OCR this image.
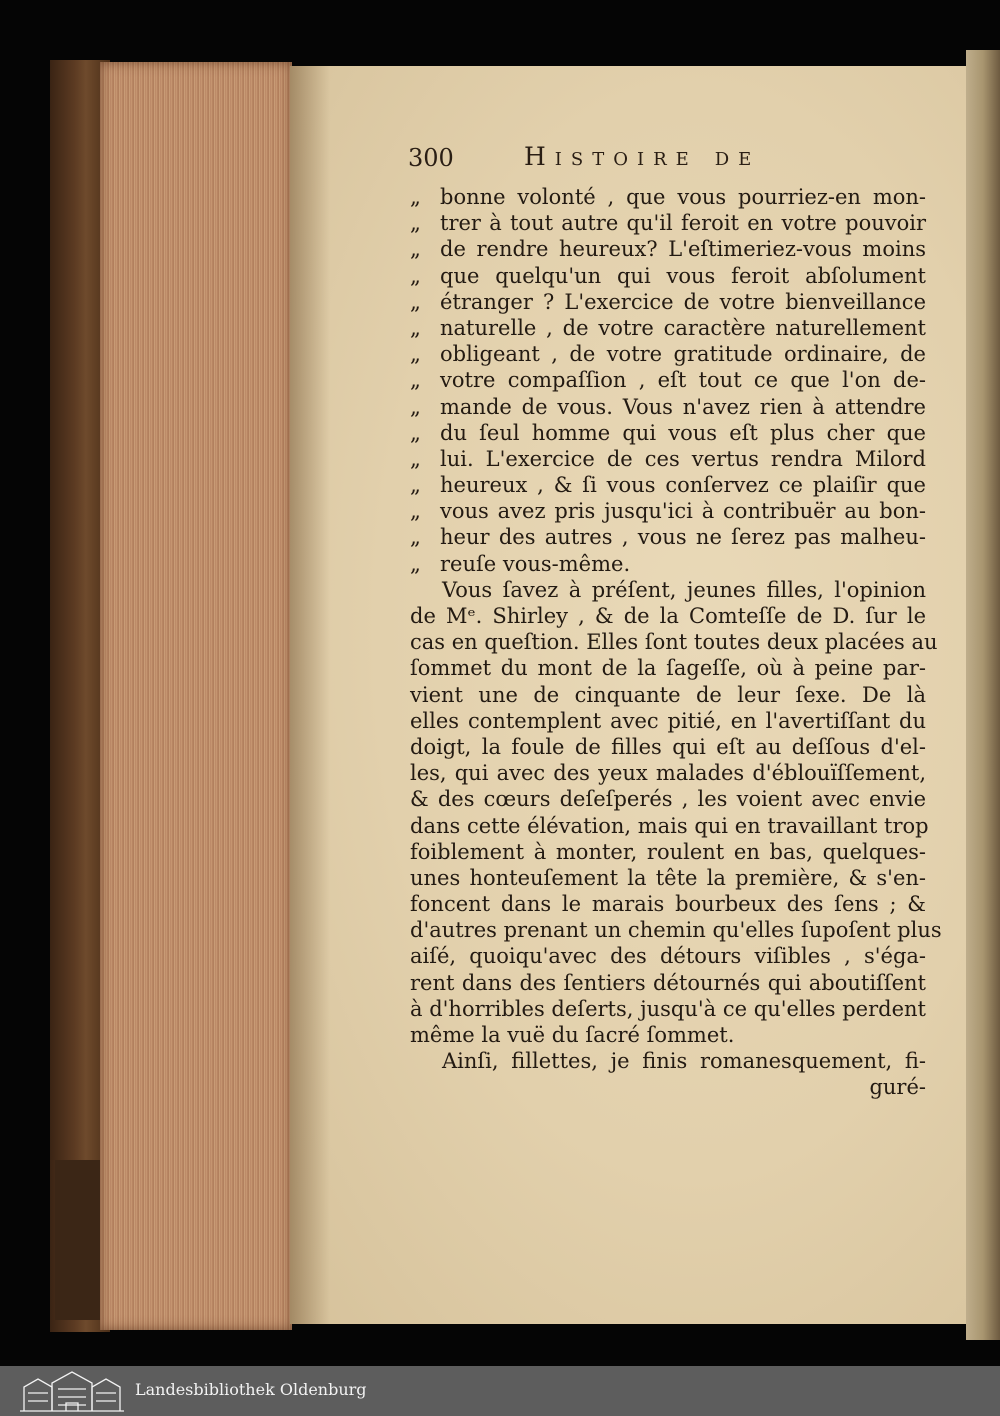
300	Histoire de
„ bonne volonté , que vous pourriez-en mon-
„ trer à tout autre qu'il feroit en votre pouvoir
„ de rendre heureux? L'eſtimeriez-vous moins
„ que quelqu'un qui vous feroit abſolument
„ étranger ? L'exercice de votre bienveillance
„ naturelle , de votre caractère naturellement
„ obligeant , de votre gratitude ordinaire, de
„ votre compaſſion , eſt tout ce que l'on de-
„ mande de vous. Vous n'avez rien à attendre
„ du ſeul homme qui vous eſt plus cher que
„ lui. L'exercice de ces vertus rendra Milord
„ heureux , & ſi vous conſervez ce plaiſir que
„ vous avez pris jusqu'ici à contribuër au bon-
„ heur des autres , vous ne ſerez pas malheu-
„ reuſe vous-même.
Vous ſavez à préſent, jeunes filles, l'opinion
de Mᵉ. Shirley , & de la Comteſſe de D. ſur le
cas en queſtion. Elles ſont toutes deux placées au
ſommet du mont de la ſageſſe, où à peine par-
vient une de cinquante de leur ſexe. De là
elles contemplent avec pitié, en l'avertiſſant du
doigt, la foule de filles qui eſt au deſſous d'el-
les, qui avec des yeux malades d'éblouïſſement,
& des cœurs deſeſperés , les voient avec envie
dans cette élévation, mais qui en travaillant trop
foiblement à monter, roulent en bas, quelques-
unes honteuſement la tête la première, & s'en-
foncent dans le marais bourbeux des ſens ; &
d'autres prenant un chemin qu'elles ſupoſent plus
aiſé, quoiqu'avec des détours viſibles , s'éga-
rent dans des ſentiers détournés qui aboutiſſent
à d'horribles deſerts, jusqu'à ce qu'elles perdent
même la vuë du ſacré ſommet.
Ainſi, fillettes, je finis romanesquement, fi-
guré-
Landesbibliothek Oldenburg
